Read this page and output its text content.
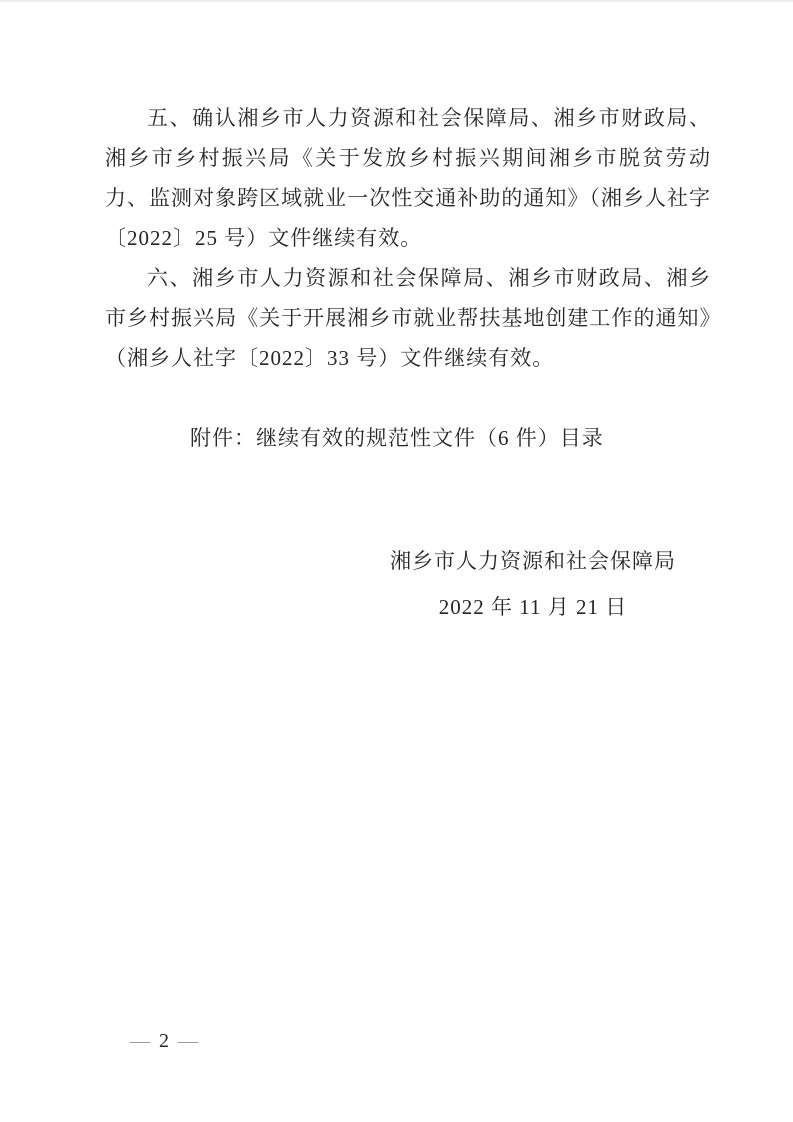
五、确认湘乡市人力资源和社会保障局、湘乡市财政局、湘乡市乡村振兴局《关于发放乡村振兴期间湘乡市脱贫劳动力、监测对象跨区域就业一次性交通补助的通知》（湘乡人社字〔2022〕25 号）文件继续有效。

六、湘乡市人力资源和社会保障局、湘乡市财政局、湘乡市乡村振兴局《关于开展湘乡市就业帮扶基地创建工作的通知》（湘乡人社字〔2022〕33 号）文件继续有效。

附件：继续有效的规范性文件（6 件）目录

湘乡市人力资源和社会保障局
2022 年 11 月 21 日
— 2 —
